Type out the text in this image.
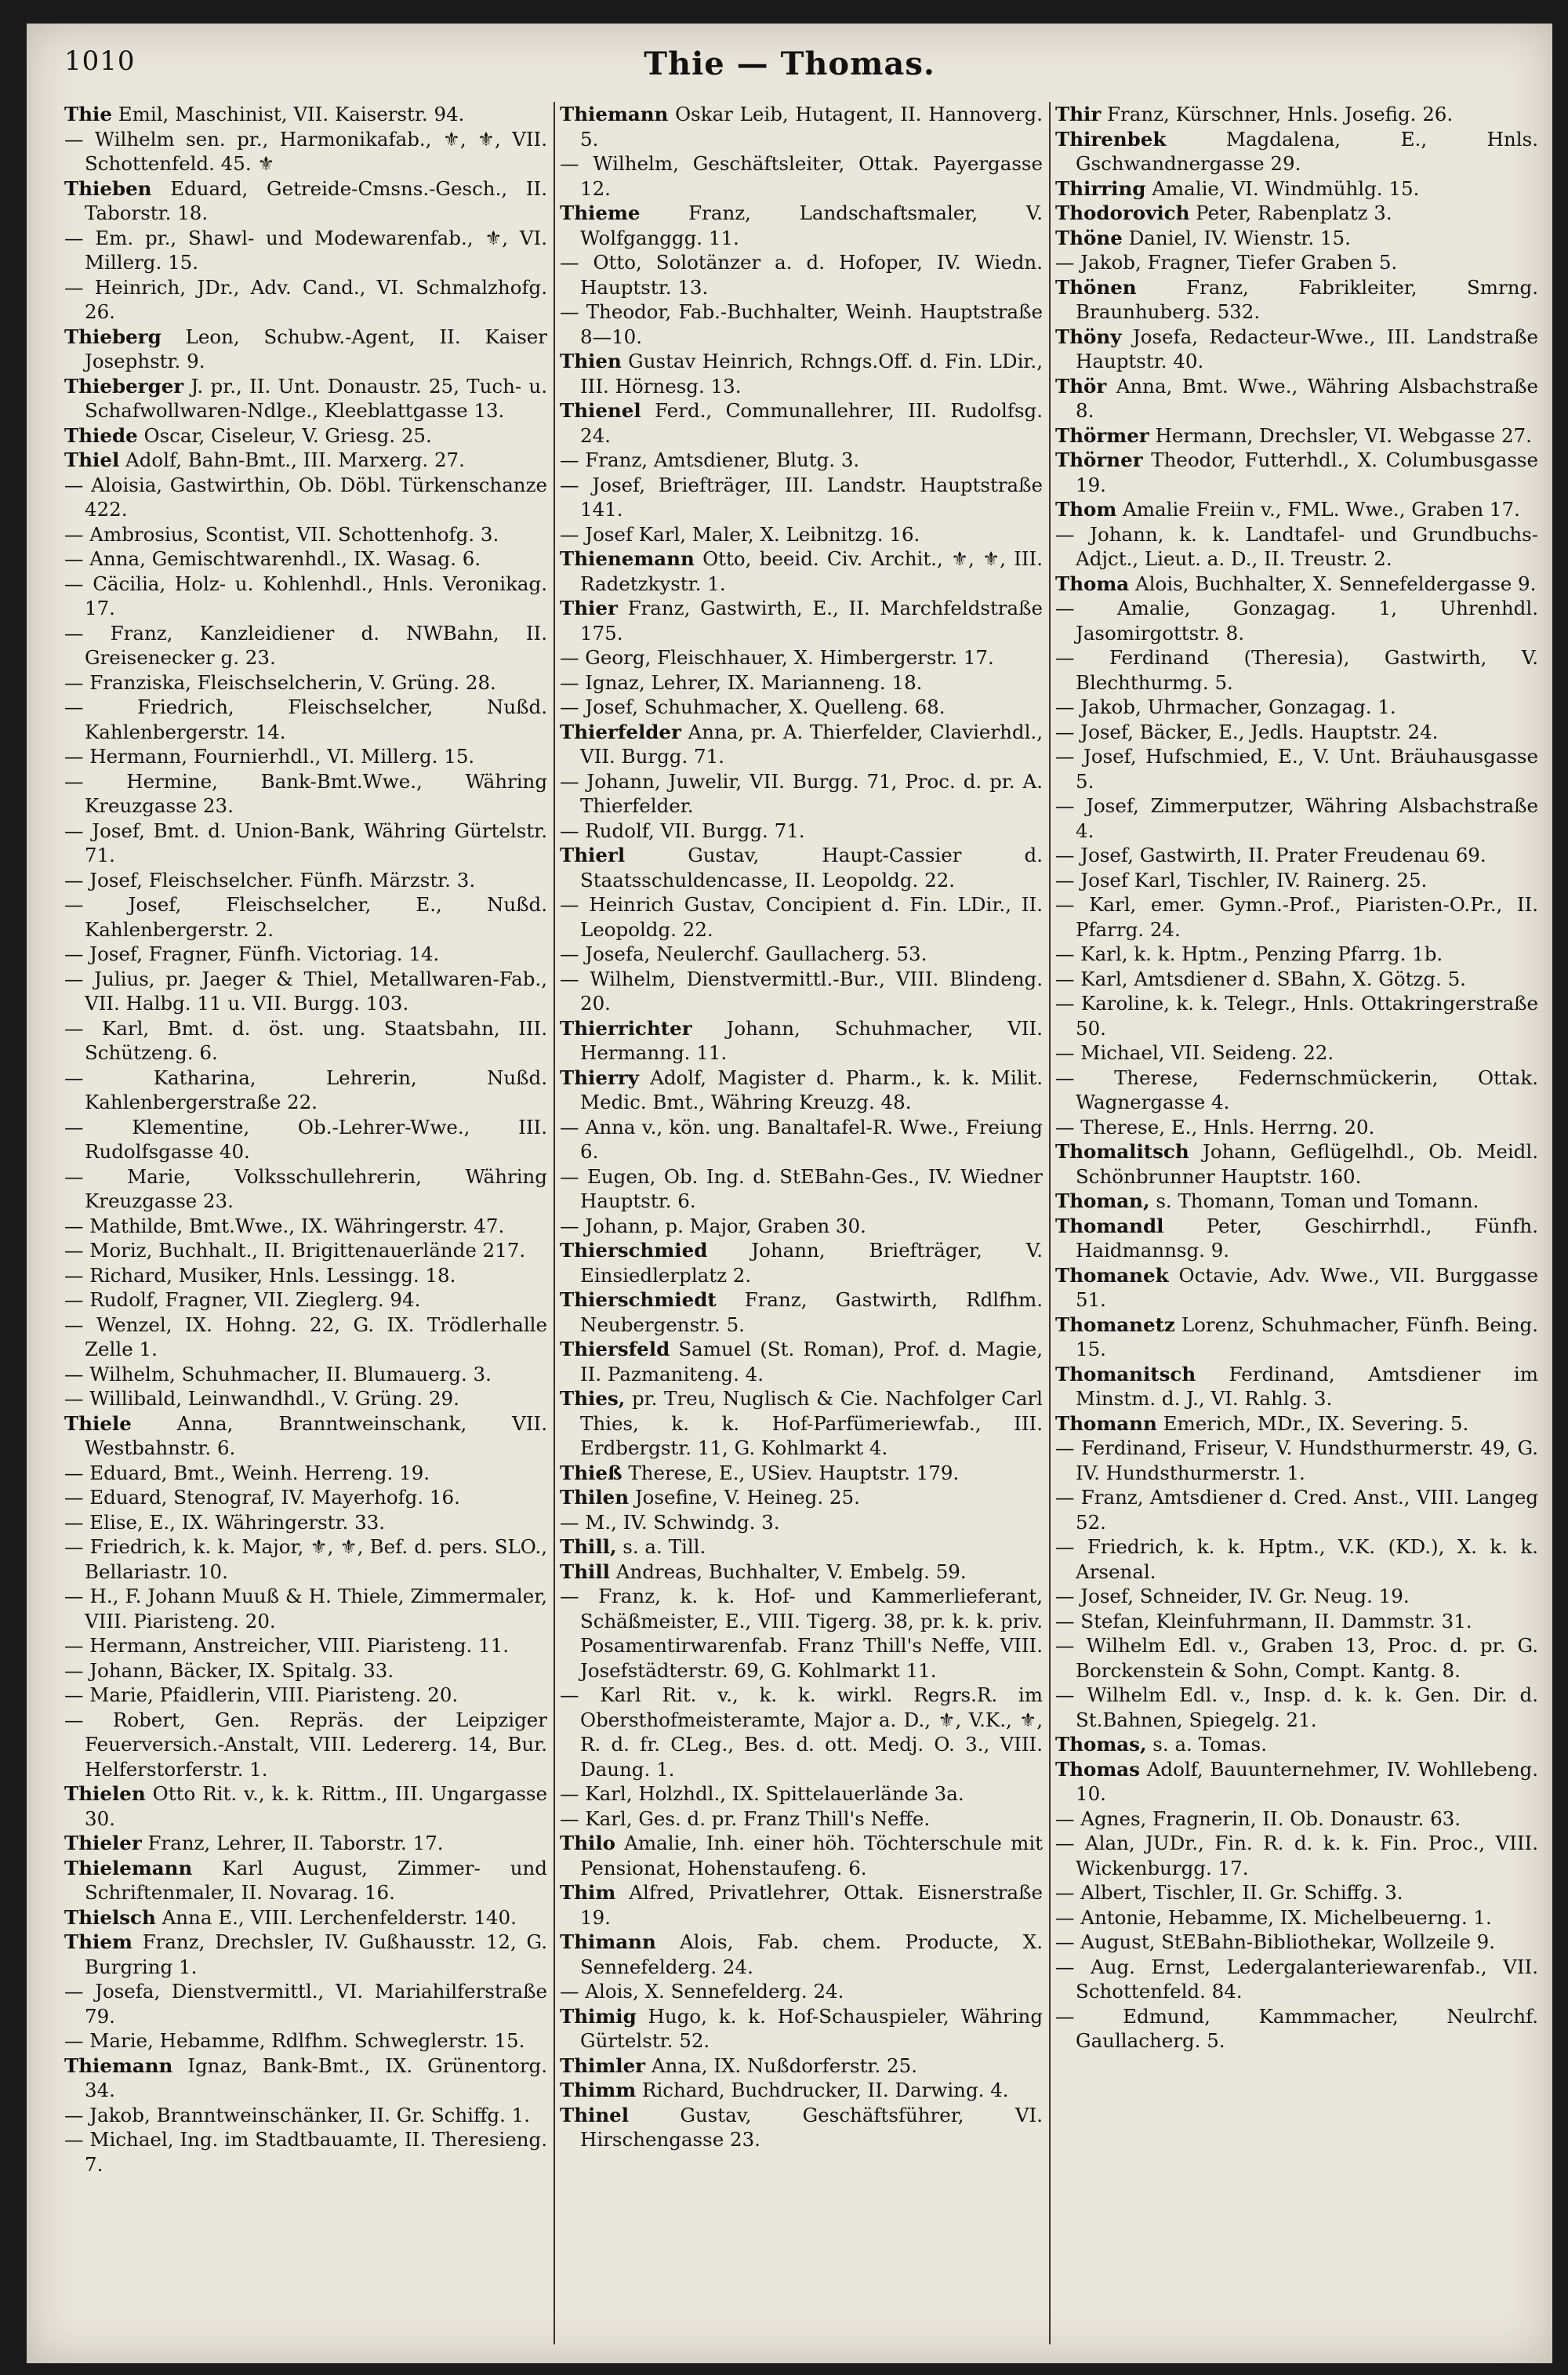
1010	Thie — Thomas.

Thie Emil, Maschinist, VII. Kaiserstr. 94.

— Wilhelm sen. pr., Harmonikafab., ⚜, ⚜, VII. Schottenfeld. 45. ⚜

Thieben Eduard, Getreide-Cmsns.-Gesch., II. Taborstr. 18.

— Em. pr., Shawl- und Modewarenfab., ⚜, VI. Millerg. 15.

— Heinrich, JDr., Adv. Cand., VI. Schmalzhofg. 26.

Thieberg Leon, Schubw.-Agent, II. Kaiser Josephstr. 9.

Thieberger J. pr., II. Unt. Donaustr. 25, Tuch- u. Schafwollwaren-Ndlge., Kleeblattgasse 13.

Thiede Oscar, Ciseleur, V. Griesg. 25.

Thiel Adolf, Bahn-Bmt., III. Marxerg. 27.

— Aloisia, Gastwirthin, Ob. Döbl. Türkenschanze 422.

— Ambrosius, Scontist, VII. Schottenhofg. 3.

— Anna, Gemischtwarenhdl., IX. Wasag. 6.

— Cäcilia, Holz- u. Kohlenhdl., Hnls. Veronikag. 17.

— Franz, Kanzleidiener d. NWBahn, II. Greisenecker g. 23.

— Franziska, Fleischselcherin, V. Grüng. 28.

— Friedrich, Fleischselcher, Nußd. Kahlenbergerstr. 14.

— Hermann, Fournierhdl., VI. Millerg. 15.

— Hermine, Bank-Bmt.Wwe., Währing Kreuzgasse 23.

— Josef, Bmt. d. Union-Bank, Währing Gürtelstr. 71.

— Josef, Fleischselcher. Fünfh. Märzstr. 3.

— Josef, Fleischselcher, E., Nußd. Kahlenbergerstr. 2.

— Josef, Fragner, Fünfh. Victoriag. 14.

— Julius, pr. Jaeger & Thiel, Metallwaren-Fab., VII. Halbg. 11 u. VII. Burgg. 103.

— Karl, Bmt. d. öst. ung. Staatsbahn, III. Schützeng. 6.

— Katharina, Lehrerin, Nußd. Kahlenbergerstraße 22.

— Klementine, Ob.-Lehrer-Wwe., III. Rudolfsgasse 40.

— Marie, Volksschullehrerin, Währing Kreuzgasse 23.

— Mathilde, Bmt.Wwe., IX. Währingerstr. 47.

— Moriz, Buchhalt., II. Brigittenauerlände 217.

— Richard, Musiker, Hnls. Lessingg. 18.

— Rudolf, Fragner, VII. Zieglerg. 94.

— Wenzel, IX. Hohng. 22, G. IX. Trödlerhalle Zelle 1.

— Wilhelm, Schuhmacher, II. Blumauerg. 3.

— Willibald, Leinwandhdl., V. Grüng. 29.

Thiele Anna, Branntweinschank, VII. Westbahnstr. 6.

— Eduard, Bmt., Weinh. Herreng. 19.

— Eduard, Stenograf, IV. Mayerhofg. 16.

— Elise, E., IX. Währingerstr. 33.

— Friedrich, k. k. Major, ⚜, ⚜, Bef. d. pers. SLO., Bellariastr. 10.

— H., F. Johann Muuß & H. Thiele, Zimmermaler, VIII. Piaristeng. 20.

— Hermann, Anstreicher, VIII. Piaristeng. 11.

— Johann, Bäcker, IX. Spitalg. 33.

— Marie, Pfaidlerin, VIII. Piaristeng. 20.

— Robert, Gen. Repräs. der Leipziger Feuerversich.-Anstalt, VIII. Ledererg. 14, Bur. Helferstorferstr. 1.

Thielen Otto Rit. v., k. k. Rittm., III. Ungargasse 30.

Thieler Franz, Lehrer, II. Taborstr. 17.

Thielemann Karl August, Zimmer- und Schriftenmaler, II. Novarag. 16.

Thielsch Anna E., VIII. Lerchenfelderstr. 140.

Thiem Franz, Drechsler, IV. Gußhausstr. 12, G. Burgring 1.

— Josefa, Dienstvermittl., VI. Mariahilferstraße 79.

— Marie, Hebamme, Rdlfhm. Schweglerstr. 15.

Thiemann Ignaz, Bank-Bmt., IX. Grünentorg. 34.

— Jakob, Branntweinschänker, II. Gr. Schiffg. 1.

— Michael, Ing. im Stadtbauamte, II. Theresieng. 7.

Thiemann Oskar Leib, Hutagent, II. Hannoverg. 5.

— Wilhelm, Geschäftsleiter, Ottak. Payergasse 12.

Thieme Franz, Landschaftsmaler, V. Wolfganggg. 11.

— Otto, Solotänzer a. d. Hofoper, IV. Wiedn. Hauptstr. 13.

— Theodor, Fab.-Buchhalter, Weinh. Hauptstraße 8—10.

Thien Gustav Heinrich, Rchngs.Off. d. Fin. LDir., III. Hörnesg. 13.

Thienel Ferd., Communallehrer, III. Rudolfsg. 24.

— Franz, Amtsdiener, Blutg. 3.

— Josef, Briefträger, III. Landstr. Hauptstraße 141.

— Josef Karl, Maler, X. Leibnitzg. 16.

Thienemann Otto, beeid. Civ. Archit., ⚜, ⚜, III. Radetzkystr. 1.

Thier Franz, Gastwirth, E., II. Marchfeldstraße 175.

— Georg, Fleischhauer, X. Himbergerstr. 17.

— Ignaz, Lehrer, IX. Marianneng. 18.

— Josef, Schuhmacher, X. Quelleng. 68.

Thierfelder Anna, pr. A. Thierfelder, Clavierhdl., VII. Burgg. 71.

— Johann, Juwelir, VII. Burgg. 71, Proc. d. pr. A. Thierfelder.

— Rudolf, VII. Burgg. 71.

Thierl Gustav, Haupt-Cassier d. Staatsschuldencasse, II. Leopoldg. 22.

— Heinrich Gustav, Concipient d. Fin. LDir., II. Leopoldg. 22.

— Josefa, Neulerchf. Gaullacherg. 53.

— Wilhelm, Dienstvermittl.-Bur., VIII. Blindeng. 20.

Thierrichter Johann, Schuhmacher, VII. Hermanng. 11.

Thierry Adolf, Magister d. Pharm., k. k. Milit. Medic. Bmt., Währing Kreuzg. 48.

— Anna v., kön. ung. Banaltafel-R. Wwe., Freiung 6.

— Eugen, Ob. Ing. d. StEBahn-Ges., IV. Wiedner Hauptstr. 6.

— Johann, p. Major, Graben 30.

Thierschmied Johann, Briefträger, V. Einsiedlerplatz 2.

Thierschmiedt Franz, Gastwirth, Rdlfhm. Neubergenstr. 5.

Thiersfeld Samuel (St. Roman), Prof. d. Magie, II. Pazmaniteng. 4.

Thies, pr. Treu, Nuglisch & Cie. Nachfolger Carl Thies, k. k. Hof-Parfümeriewfab., III. Erdbergstr. 11, G. Kohlmarkt 4.

Thieß Therese, E., USiev. Hauptstr. 179.

Thilen Josefine, V. Heineg. 25.

— M., IV. Schwindg. 3.

Thill, s. a. Till.

Thill Andreas, Buchhalter, V. Embelg. 59.

— Franz, k. k. Hof- und Kammerlieferant, Schäßmeister, E., VIII. Tigerg. 38, pr. k. k. priv. Posamentirwarenfab. Franz Thill's Neffe, VIII. Josefstädterstr. 69, G. Kohlmarkt 11.

— Karl Rit. v., k. k. wirkl. Regrs.R. im Obersthofmeisteramte, Major a. D., ⚜, V.K., ⚜, R. d. fr. CLeg., Bes. d. ott. Medj. O. 3., VIII. Daung. 1.

— Karl, Holzhdl., IX. Spittelauerlände 3a.

— Karl, Ges. d. pr. Franz Thill's Neffe.

Thilo Amalie, Inh. einer höh. Töchterschule mit Pensionat, Hohenstaufeng. 6.

Thim Alfred, Privatlehrer, Ottak. Eisnerstraße 19.

Thimann Alois, Fab. chem. Producte, X. Sennefelderg. 24.

— Alois, X. Sennefelderg. 24.

Thimig Hugo, k. k. Hof-Schauspieler, Währing Gürtelstr. 52.

Thimler Anna, IX. Nußdorferstr. 25.

Thimm Richard, Buchdrucker, II. Darwing. 4.

Thinel Gustav, Geschäftsführer, VI. Hirschengasse 23.

Thir Franz, Kürschner, Hnls. Josefig. 26.

Thirenbek Magdalena, E., Hnls. Gschwandnergasse 29.

Thirring Amalie, VI. Windmühlg. 15.

Thodorovich Peter, Rabenplatz 3.

Thöne Daniel, IV. Wienstr. 15.

— Jakob, Fragner, Tiefer Graben 5.

Thönen Franz, Fabrikleiter, Smrng. Braunhuberg. 532.

Thöny Josefa, Redacteur-Wwe., III. Landstraße Hauptstr. 40.

Thör Anna, Bmt. Wwe., Währing Alsbachstraße 8.

Thörmer Hermann, Drechsler, VI. Webgasse 27.

Thörner Theodor, Futterhdl., X. Columbusgasse 19.

Thom Amalie Freiin v., FML. Wwe., Graben 17.

— Johann, k. k. Landtafel- und Grundbuchs-Adjct., Lieut. a. D., II. Treustr. 2.

Thoma Alois, Buchhalter, X. Sennefeldergasse 9.

— Amalie, Gonzagag. 1, Uhrenhdl. Jasomirgottstr. 8.

— Ferdinand (Theresia), Gastwirth, V. Blechthurmg. 5.

— Jakob, Uhrmacher, Gonzagag. 1.

— Josef, Bäcker, E., Jedls. Hauptstr. 24.

— Josef, Hufschmied, E., V. Unt. Bräuhausgasse 5.

— Josef, Zimmerputzer, Währing Alsbachstraße 4.

— Josef, Gastwirth, II. Prater Freudenau 69.

— Josef Karl, Tischler, IV. Rainerg. 25.

— Karl, emer. Gymn.-Prof., Piaristen-O.Pr., II. Pfarrg. 24.

— Karl, k. k. Hptm., Penzing Pfarrg. 1b.

— Karl, Amtsdiener d. SBahn, X. Götzg. 5.

— Karoline, k. k. Telegr., Hnls. Ottakringerstraße 50.

— Michael, VII. Seideng. 22.

— Therese, Federnschmückerin, Ottak. Wagnergasse 4.

— Therese, E., Hnls. Herrng. 20.

Thomalitsch Johann, Geflügelhdl., Ob. Meidl. Schönbrunner Hauptstr. 160.

Thoman, s. Thomann, Toman und Tomann.

Thomandl Peter, Geschirrhdl., Fünfh. Haidmannsg. 9.

Thomanek Octavie, Adv. Wwe., VII. Burggasse 51.

Thomanetz Lorenz, Schuhmacher, Fünfh. Being. 15.

Thomanitsch Ferdinand, Amtsdiener im Minstm. d. J., VI. Rahlg. 3.

Thomann Emerich, MDr., IX. Severing. 5.

— Ferdinand, Friseur, V. Hundsthurmerstr. 49, G. IV. Hundsthurmerstr. 1.

— Franz, Amtsdiener d. Cred. Anst., VIII. Langeg 52.

— Friedrich, k. k. Hptm., V.K. (KD.), X. k. k. Arsenal.

— Josef, Schneider, IV. Gr. Neug. 19.

— Stefan, Kleinfuhrmann, II. Dammstr. 31.

— Wilhelm Edl. v., Graben 13, Proc. d. pr. G. Borckenstein & Sohn, Compt. Kantg. 8.

— Wilhelm Edl. v., Insp. d. k. k. Gen. Dir. d. St.Bahnen, Spiegelg. 21.

Thomas, s. a. Tomas.

Thomas Adolf, Bauunternehmer, IV. Wohllebeng. 10.

— Agnes, Fragnerin, II. Ob. Donaustr. 63.

— Alan, JUDr., Fin. R. d. k. k. Fin. Proc., VIII. Wickenburgg. 17.

— Albert, Tischler, II. Gr. Schiffg. 3.

— Antonie, Hebamme, IX. Michelbeuerng. 1.

— August, StEBahn-Bibliothekar, Wollzeile 9.

— Aug. Ernst, Ledergalanteriewarenfab., VII. Schottenfeld. 84.

— Edmund, Kammmacher, Neulrchf. Gaullacherg. 5.
